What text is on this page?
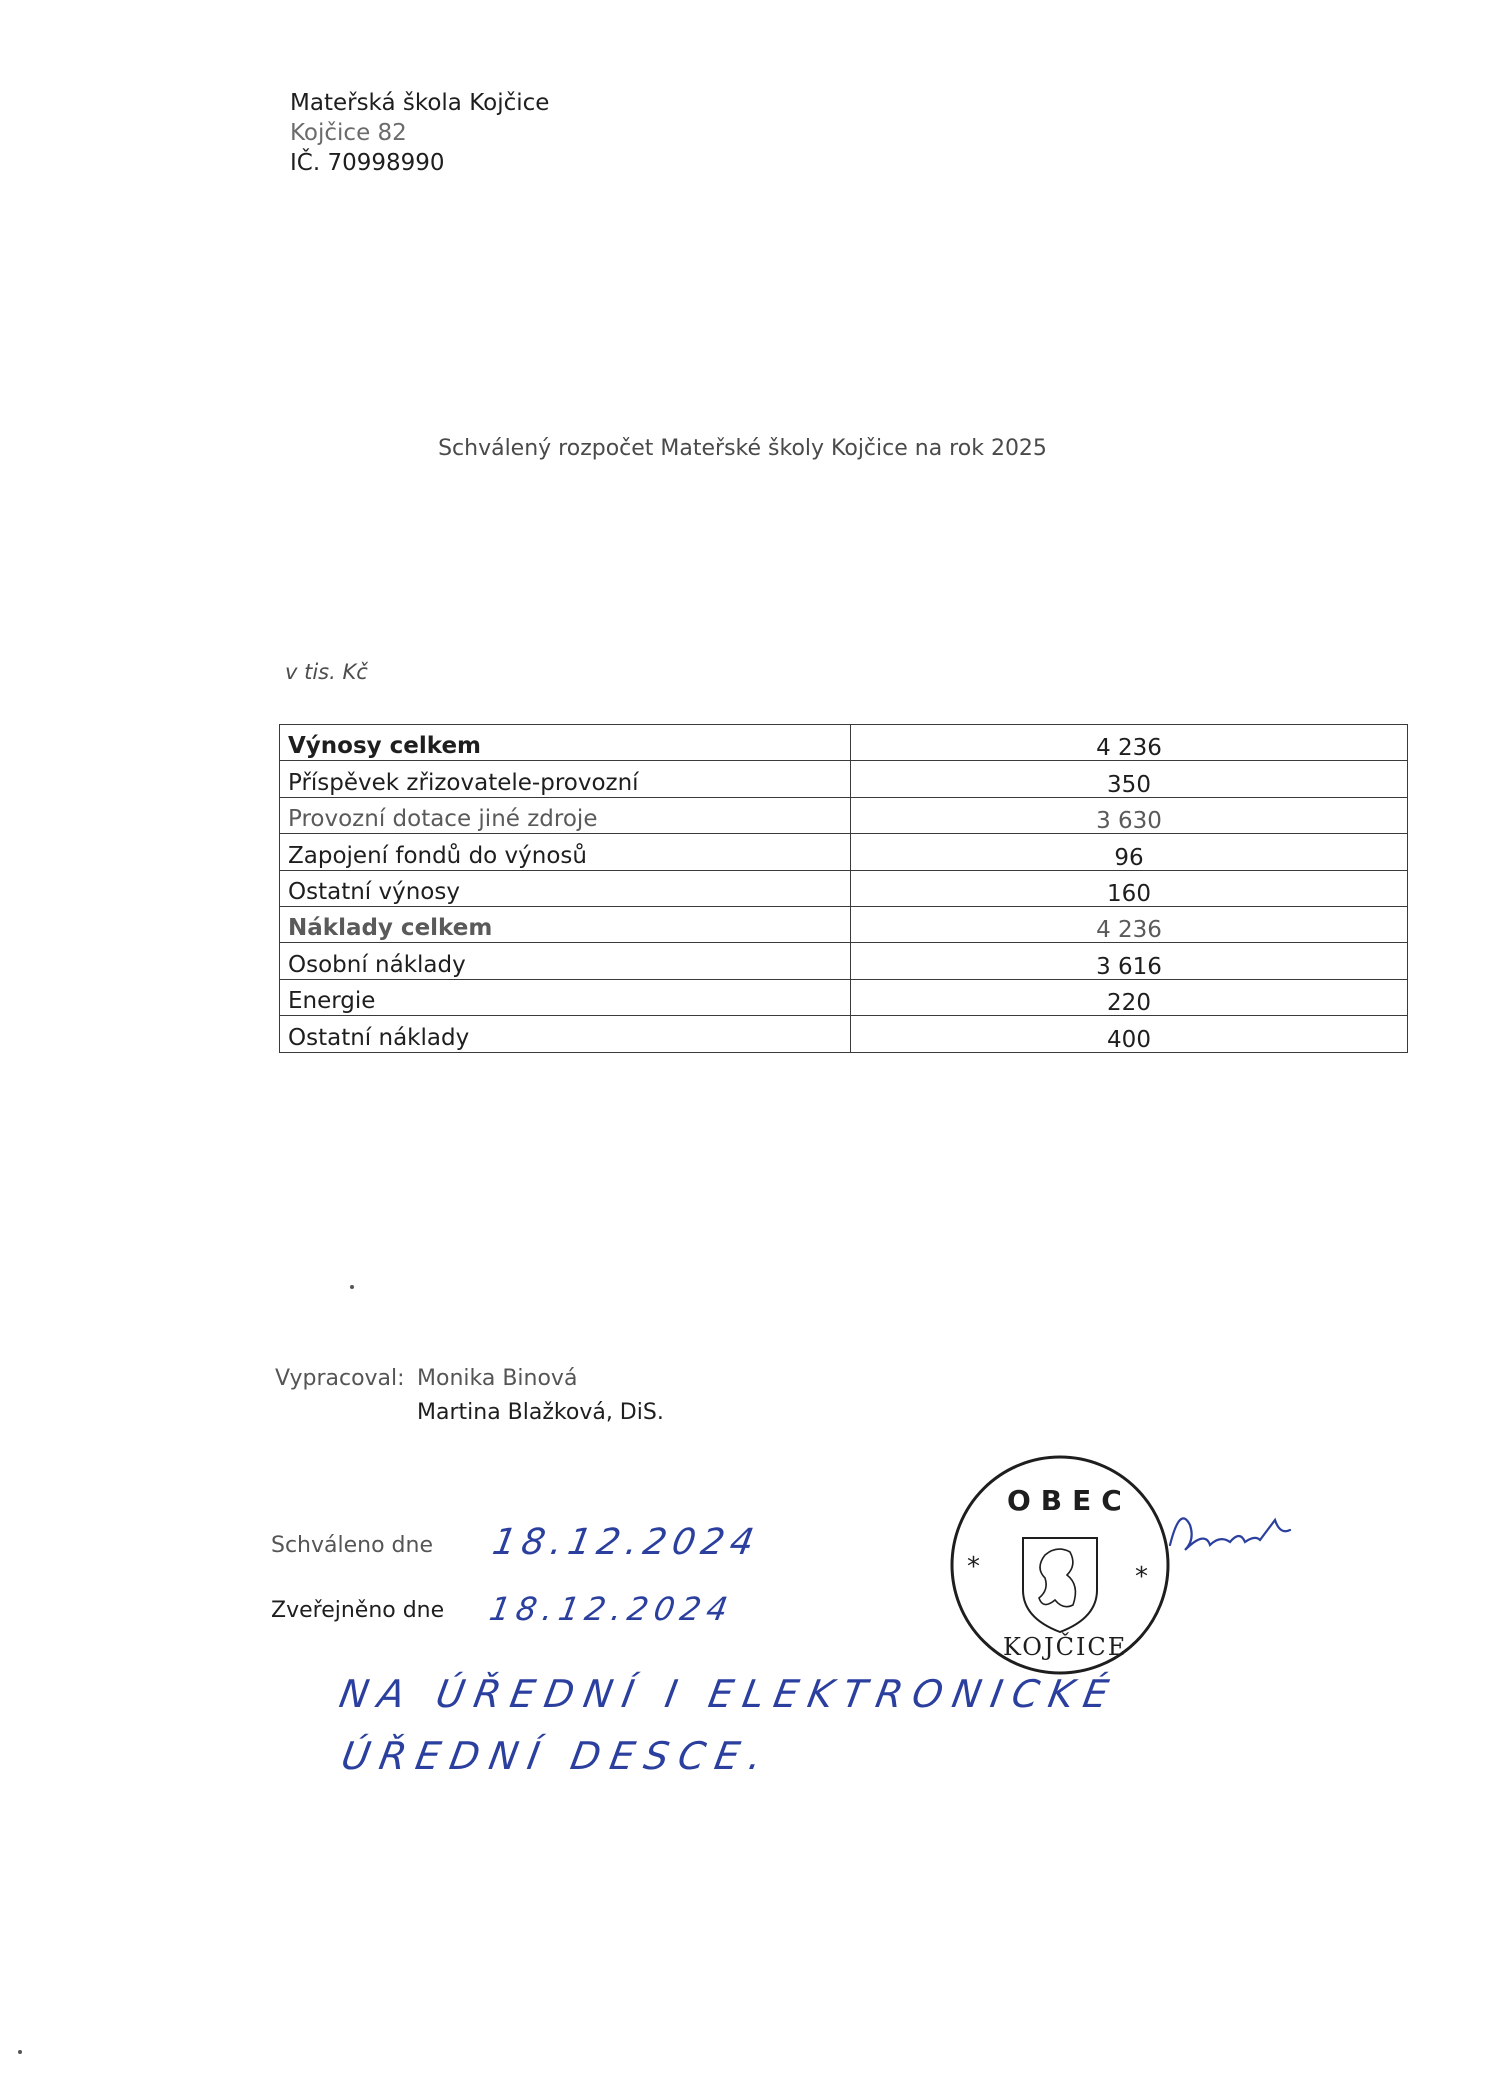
Mateřská škola Kojčice
Kojčice 82
IČ. 70998990
Schválený rozpočet Mateřské školy Kojčice na rok 2025
v tis. Kč
Výnosy celkem	4 236
Příspěvek zřizovatele-provozní	350
Provozní dotace jiné zdroje	3 630
Zapojení fondů do výnosů	96
Ostatní výnosy	160
Náklady celkem	4 236
Osobní náklady	3 616
Energie	220
Ostatní náklady	400
Vypracoval: Monika Binová
Martina Blažková, DiS.
Schváleno dne 18.12.2024
Zveřejněno dne 18.12.2024
NA ÚŘEDNÍ I ELEKTRONICKÉ
ÚŘEDNÍ DESCE.
OBEC
KOJČICE
*	*
